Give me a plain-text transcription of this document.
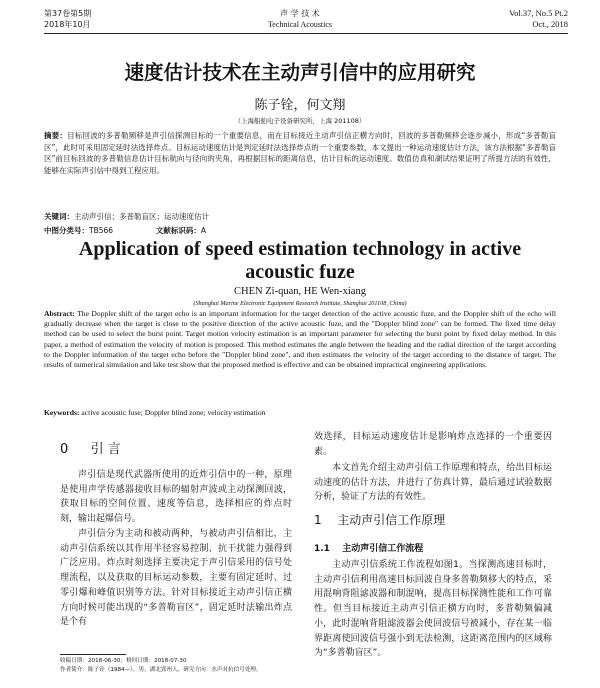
第37卷第5期
2018年10月
声 学 技 术
Technical Acoustics
Vol.37, No.5 Pt.2
Oct., 2018
速度估计技术在主动声引信中的应用研究
陈子铨，何文翔
（上海船舶电子设备研究所，上海 201108）
摘要：目标回波的多普勒频移是声引信探测目标的一个重要信息，而在目标接近主动声引信正横方向时，回波的多普勒频移会逐步减小，形成“多普勒盲区”，此时可采用固定延时法选择炸点。目标运动速度估计是判定延时法选择炸点的一个重要参数，本文提出一种运动速度估计方法，该方法根据“多普勒盲区”前目标回波的多普勒信息估计目标航向与径向的夹角，再根据目标的距离信息，估计目标的运动速度。数值仿真和湖试结果证明了所提方法的有效性，能够在实际声引信中得到工程应用。
关键词：主动声引信；多普勒盲区；运动速度估计
中图分类号：TB566	文献标识码：A
Application of speed estimation technology in active
acoustic fuze
CHEN Zi-quan, HE Wen-xiang
(Shanghai Marine Electronic Equipment Research Institute, Shanghai 201108, China)
Abstract: The Doppler shift of the target echo is an important information for the target detection of the active acoustic fuze, and the Doppler shift of the echo will gradually decrease when the target is close to the positive direction of the active acoustic fuze, and the "Doppler blind zone" can be formed. The fixed time delay method can be used to select the burst point. Target motion velocity estimation is an important parameter for selecting the burst point by fixed delay method. In this paper, a method of estimation the velocity of motion is proposed. This method estimates the angle between the heading and the radial direction of the target according to the Doppler information of the target echo before the "Doppler blind zone", and then estimates the velocity of the target according to the distance of target. The results of numerical simulation and lake test show that the proposed method is effective and can be obtained impractical engineering applications.
Keywords: active acoustic fuse; Doppler blind zone; velocity estimation
0 引 言
声引信是现代武器所使用的近炸引信中的一种，原理是使用声学传感器接收目标的辐射声波或主动探测回波，获取目标的空间位置、速度等信息，选择相应的炸点时刻，输出起爆信号。
声引信分为主动和被动两种，与被动声引信相比，主动声引信系统以其作用半径容易控制、抗干扰能力强得到广泛应用。炸点时刻选择主要决定于声引信采用的信号处理流程，以及获取的目标运动参数，主要有固定延时、过零引爆和峰值识别等方法。针对目标接近主动声引信正横方向时候可能出现的“多普勒盲区”，固定延时法输出炸点是个有
收稿日期：2018-06-30；修回日期：2018-07-30
作者简介：陈子铨（1984—），男，湖北郢州人，研究方向：水声对抗信号处理。
效选择，目标运动速度估计是影响炸点选择的一个重要因素。
本文首先介绍主动声引信工作原理和特点，给出目标运动速度的估计方法，并进行了仿真计算，最后通过试验数据分析，验证了方法的有效性。
1 主动声引信工作原理
1.1 主动声引信工作流程
主动声引信系统工作流程如图1。当探测高速目标时，主动声引信利用高速目标回波自身多普勒频移大的特点，采用混响背阻滤波器和制混响，提高目标探测性能和工作可靠性。但当目标接近主动声引信正横方向时，多普勒频偏减小，此时混响背阻滤波器会使回波信号被减小，存在某一临界距离使回波信号强小到无法检测，这距离范围内的区域称为“多普勒盲区”。
